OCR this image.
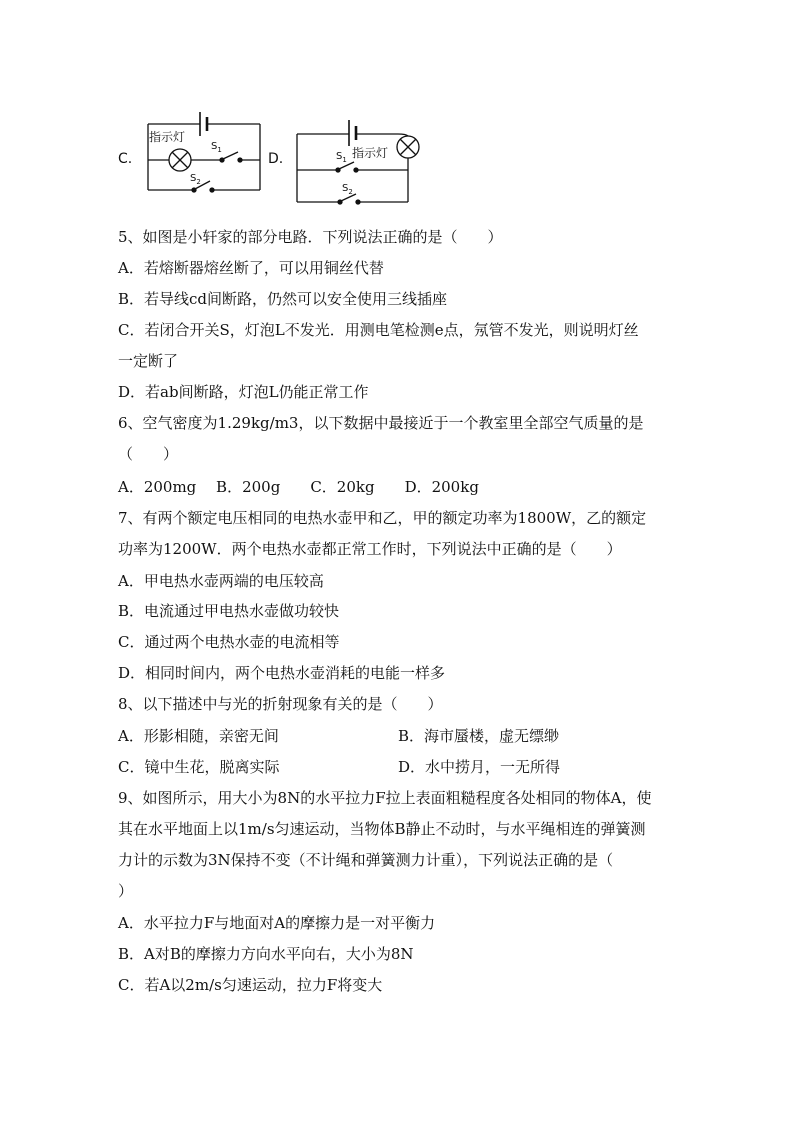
C.
指示灯
$S_1$
$S_2$
D.	$S_1$ 指示灯
$S_2$
5、如图是小轩家的部分电路．下列说法正确的是（　　）
A．若熔断器熔丝断了，可以用铜丝代替
B．若导线cd间断路，仍然可以安全使用三线插座
C．若闭合开关S，灯泡L不发光．用测电笔检测e点，氖管不发光，则说明灯丝
一定断了
D．若ab间断路，灯泡L仍能正常工作
6、空气密度为1.29kg/m3，以下数据中最接近于一个教室里全部空气质量的是
（　　）
A．200mg　 B．200g　　C．20kg　　D．200kg
7、有两个额定电压相同的电热水壶甲和乙，甲的额定功率为1800W，乙的额定
功率为1200W．两个电热水壶都正常工作时，下列说法中正确的是（　　）
A．甲电热水壶两端的电压较高
B．电流通过甲电热水壶做功较快
C．通过两个电热水壶的电流相等
D．相同时间内，两个电热水壶消耗的电能一样多
8、以下描述中与光的折射现象有关的是（　　）
A．形影相随，亲密无间	B．海市蜃楼，虚无缥缈
C．镜中生花，脱离实际	D．水中捞月，一无所得
9、如图所示，用大小为8N的水平拉力F拉上表面粗糙程度各处相同的物体A，使
其在水平地面上以1m/s匀速运动，当物体B静止不动时，与水平绳相连的弹簧测
力计的示数为3N保持不变（不计绳和弹簧测力计重），下列说法正确的是（
）
A．水平拉力F与地面对A的摩擦力是一对平衡力
B．A对B的摩擦力方向水平向右，大小为8N
C．若A以2m/s匀速运动，拉力F将变大
